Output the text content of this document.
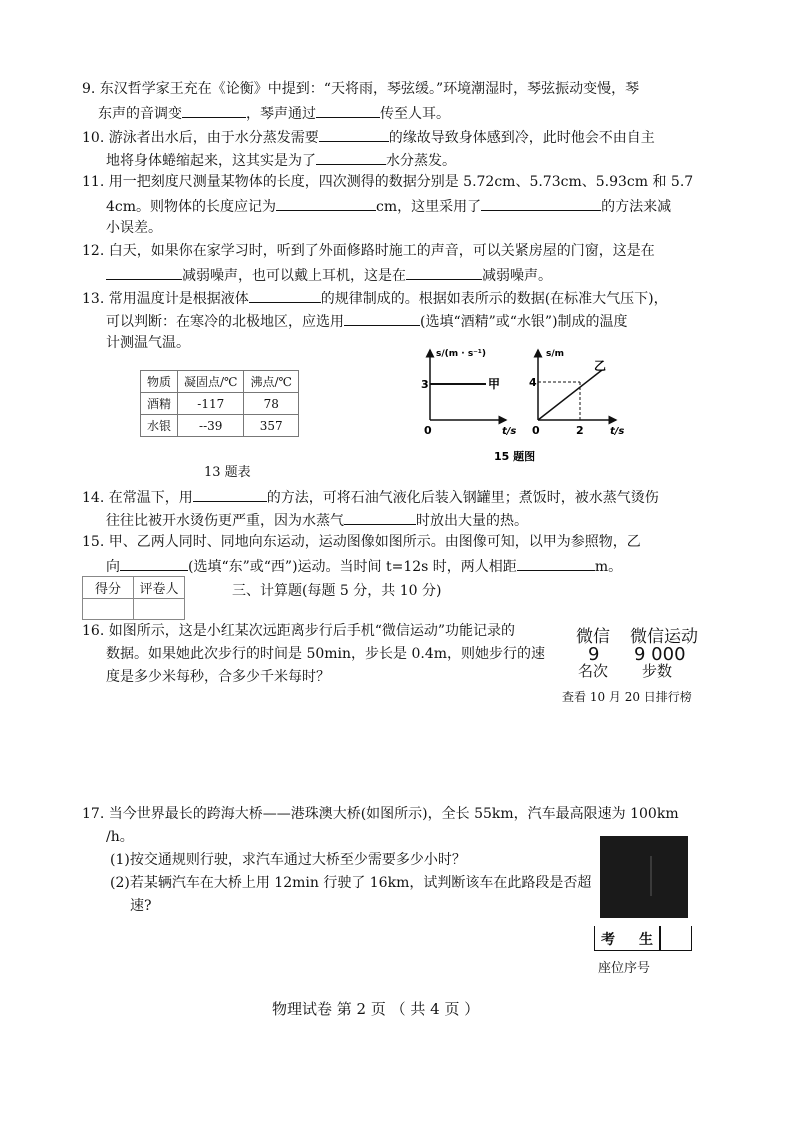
9. 东汉哲学家王充在《论衡》中提到：“天将雨，琴弦缓。”环境潮湿时，琴弦振动变慢，琴
东声的音调变	，琴声通过	传至人耳。
10. 游泳者出水后，由于水分蒸发需要	的缘故导致身体感到冷，此时他会不由自主
地将身体蜷缩起来，这其实是为了	水分蒸发。
11. 用一把刻度尺测量某物体的长度，四次测得的数据分别是 5.72cm、5.73cm、5.93cm 和 5.7
4cm。则物体的长度应记为	cm，这里采用了	的方法来减
小误差。
12. 白天，如果你在家学习时，听到了外面修路时施工的声音，可以关紧房屋的门窗，这是在
减弱噪声，也可以戴上耳机，这是在	减弱噪声。
13. 常用温度计是根据液体	的规律制成的。根据如表所示的数据(在标准大气压下)，
可以判断：在寒冷的北极地区，应选用	(选填“酒精”或“水银”)制成的温度
计测温气温。
物质	凝固点/℃	沸点/℃
酒精	-117	78
水银	--39	357
13 题表
s/(m · s⁻¹)
3	甲
0	t/s
s/m
4
2
乙
0	t/s
15 题图
14. 在常温下，用	的方法，可将石油气液化后装入钢罐里；煮饭时，被水蒸气烫伤
往往比被开水烫伤更严重，因为水蒸气	时放出大量的热。
15. 甲、乙两人同时、同地向东运动，运动图像如图所示。由图像可知，以甲为参照物，乙
向	(选填“东”或“西”)运动。当时间 t=12s 时，两人相距	m。
得分	评卷人
		三、计算题(每题 5 分，共 10 分)
16. 如图所示，这是小红某次远距离步行后手机“微信运动”功能记录的
数据。如果她此次步行的时间是 50min，步长是 0.4m，则她步行的速
度是多少米每秒，合多少千米每时？
微信 微信运动
9 9 000
名次 步数
查看 10 月 20 日排行榜
17. 当今世界最长的跨海大桥——港珠澳大桥(如图所示)，全长 55km，汽车最高限速为 100km
/h。
(1)按交通规则行驶，求汽车通过大桥至少需要多少小时？
(2)若某辆汽车在大桥上用 12min 行驶了 16km，试判断该车在此路段是否超
速?
考 生
座位序号
物理试卷 第 2 页 （ 共 4 页 ）
